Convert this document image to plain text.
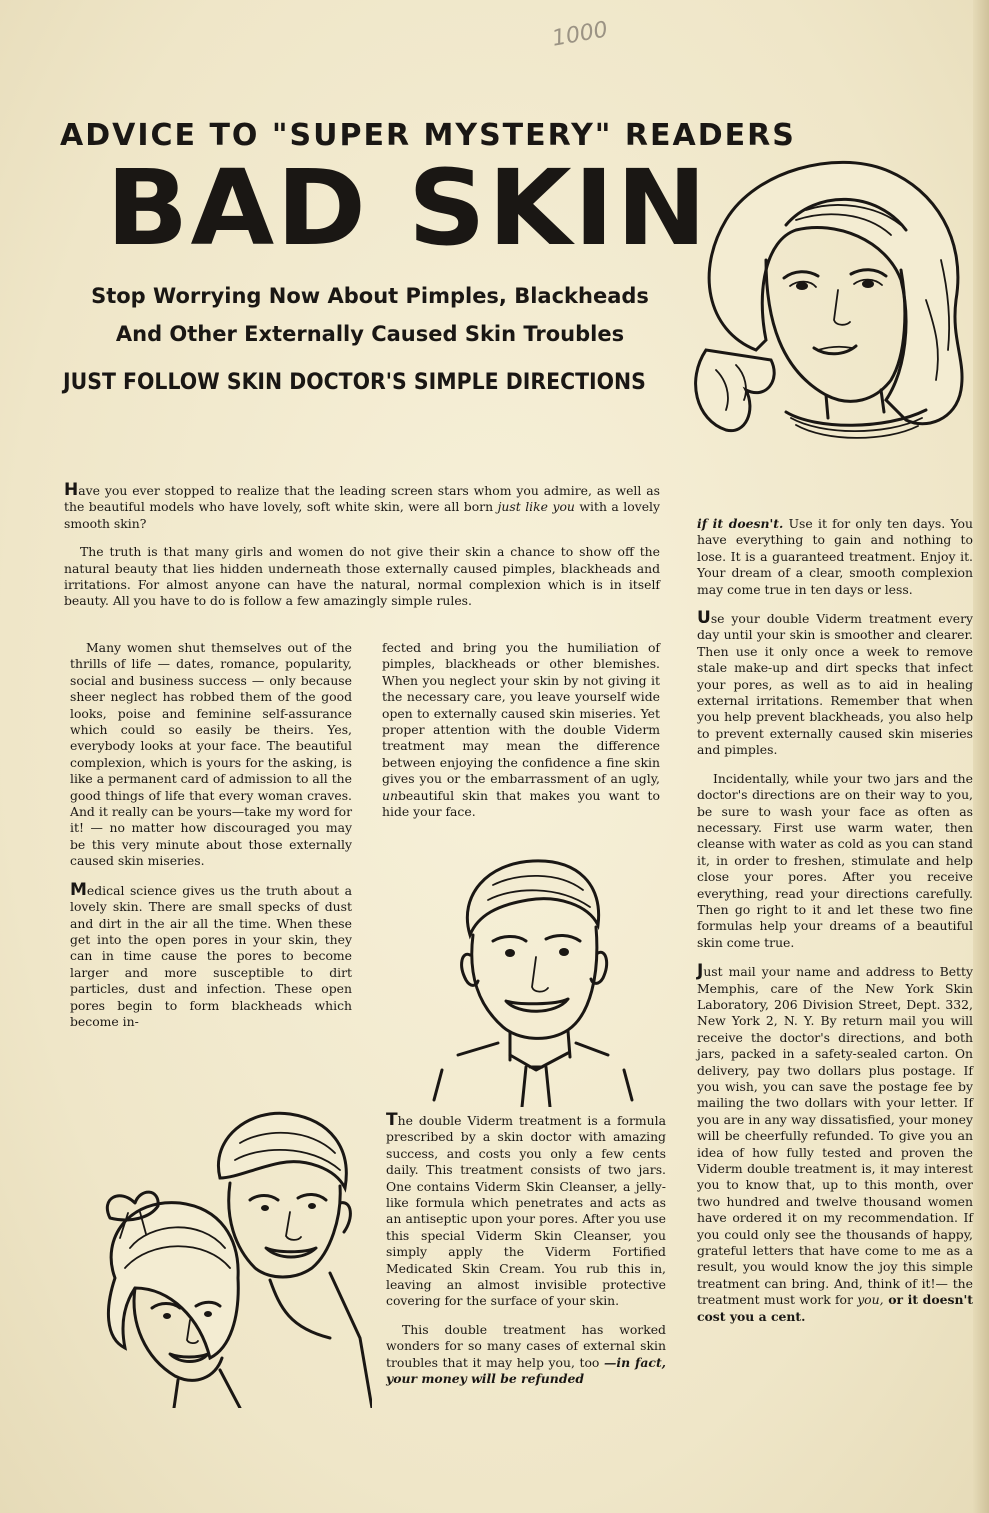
1000
ADVICE TO "SUPER MYSTERY" READERS
BAD SKIN
Stop Worrying Now About Pimples, Blackheads
And Other Externally Caused Skin Troubles
JUST FOLLOW SKIN DOCTOR'S SIMPLE DIRECTIONS

Have you ever stopped to realize that the leading screen stars whom you admire, as well as the beautiful models who have lovely, soft white skin, were all born just like you with a lovely smooth skin?

The truth is that many girls and women do not give their skin a chance to show off the natural beauty that lies hidden underneath those externally caused pimples, blackheads and irritations. For almost anyone can have the natural, normal complexion which is in itself beauty. All you have to do is follow a few amazingly simple rules.

Many women shut themselves out of the thrills of life — dates, romance, popularity, social and business success — only because sheer neglect has robbed them of the good looks, poise and feminine self-assurance which could so easily be theirs. Yes, everybody looks at your face. The beautiful complexion, which is yours for the asking, is like a permanent card of admission to all the good things of life that every woman craves. And it really can be yours—take my word for it! — no matter how discouraged you may be this very minute about those externally caused skin miseries.

Medical science gives us the truth about a lovely skin. There are small specks of dust and dirt in the air all the time. When these get into the open pores in your skin, they can in time cause the pores to become larger and more susceptible to dirt particles, dust and infection. These open pores begin to form blackheads which become in-

fected and bring you the humiliation of pimples, blackheads or other blemishes. When you neglect your skin by not giving it the necessary care, you leave yourself wide open to externally caused skin miseries. Yet proper attention with the double Viderm treatment may mean the difference between enjoying the confidence a fine skin gives you or the embarrassment of an ugly, unbeautiful skin that makes you want to hide your face.

The double Viderm treatment is a formula prescribed by a skin doctor with amazing success, and costs you only a few cents daily. This treatment consists of two jars. One contains Viderm Skin Cleanser, a jelly-like formula which penetrates and acts as an antiseptic upon your pores. After you use this special Viderm Skin Cleanser, you simply apply the Viderm Fortified Medicated Skin Cream. You rub this in, leaving an almost invisible protective covering for the surface of your skin.

This double treatment has worked wonders for so many cases of external skin troubles that it may help you, too —in fact, your money will be refunded

if it doesn't. Use it for only ten days. You have everything to gain and nothing to lose. It is a guaranteed treatment. Enjoy it. Your dream of a clear, smooth complexion may come true in ten days or less.

Use your double Viderm treatment every day until your skin is smoother and clearer. Then use it only once a week to remove stale make-up and dirt specks that infect your pores, as well as to aid in healing external irritations. Remember that when you help prevent blackheads, you also help to prevent externally caused skin miseries and pimples.

Incidentally, while your two jars and the doctor's directions are on their way to you, be sure to wash your face as often as necessary. First use warm water, then cleanse with water as cold as you can stand it, in order to freshen, stimulate and help close your pores. After you receive everything, read your directions carefully. Then go right to it and let these two fine formulas help your dreams of a beautiful skin come true.

Just mail your name and address to Betty Memphis, care of the New York Skin Laboratory, 206 Division Street, Dept. 332, New York 2, N. Y. By return mail you will receive the doctor's directions, and both jars, packed in a safety-sealed carton. On delivery, pay two dollars plus postage. If you wish, you can save the postage fee by mailing the two dollars with your letter. If you are in any way dissatisfied, your money will be cheerfully refunded. To give you an idea of how fully tested and proven the Viderm double treatment is, it may interest you to know that, up to this month, over two hundred and twelve thousand women have ordered it on my recommendation. If you could only see the thousands of happy, grateful letters that have come to me as a result, you would know the joy this simple treatment can bring. And, think of it!— the treatment must work for you, or it doesn't cost you a cent.
